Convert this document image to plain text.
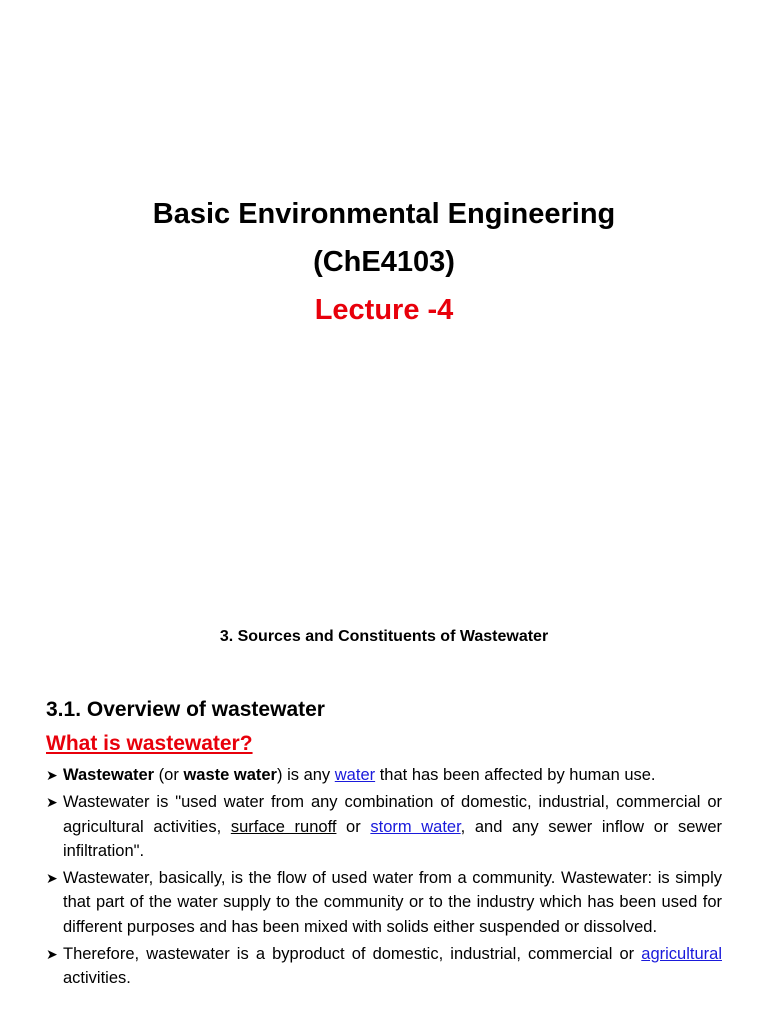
Basic Environmental Engineering

(ChE4103)

Lecture -4

3. Sources and Constituents of Wastewater
3.1. Overview of wastewater
What is wastewater?
➤ Wastewater (or waste water) is any water that has been affected by human use.
➤ Wastewater is "used water from any combination of domestic, industrial, commercial or agricultural activities, surface runoff or storm water, and any sewer inflow or sewer infiltration".
➤ Wastewater, basically, is the flow of used water from a community. Wastewater: is simply that part of the water supply to the community or to the industry which has been used for different purposes and has been mixed with solids either suspended or dissolved.
➤ Therefore, wastewater is a byproduct of domestic, industrial, commercial or agricultural activities.
